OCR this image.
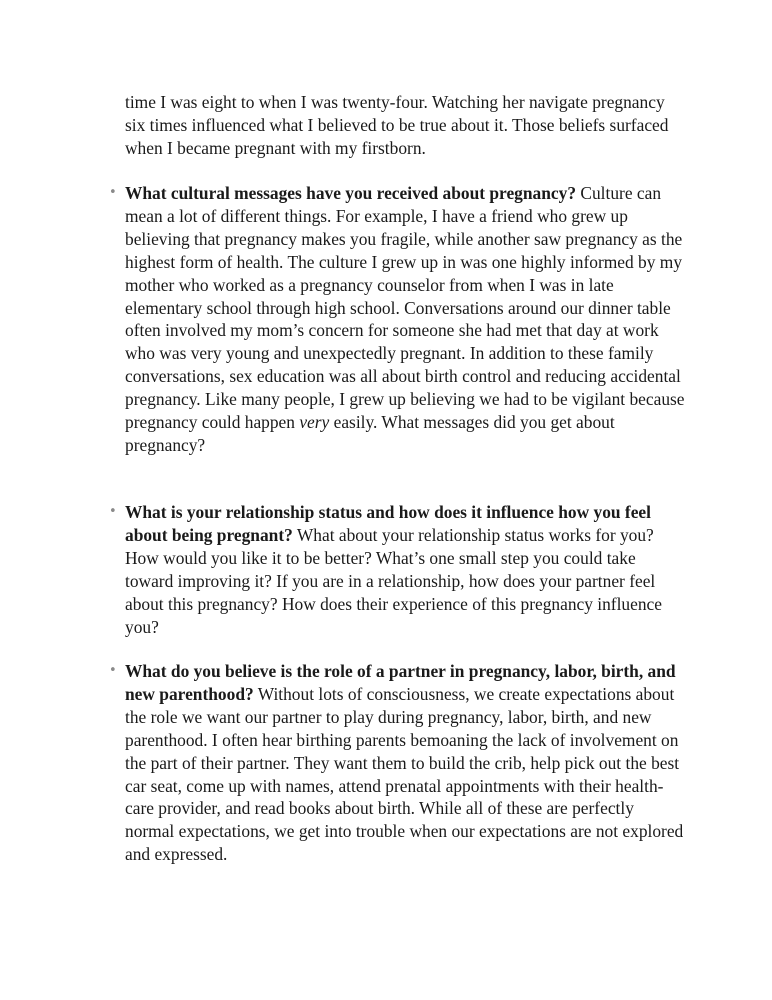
time I was eight to when I was twenty-four. Watching her navigate pregnancy six times influenced what I believed to be true about it. Those beliefs surfaced when I became pregnant with my firstborn.

• What cultural messages have you received about pregnancy? Culture can mean a lot of different things. For example, I have a friend who grew up believing that pregnancy makes you fragile, while another saw pregnancy as the highest form of health. The culture I grew up in was one highly informed by my mother who worked as a pregnancy counselor from when I was in late elementary school through high school. Conversations around our dinner table often involved my mom’s concern for someone she had met that day at work who was very young and unexpectedly pregnant. In addition to these family conversations, sex education was all about birth control and reducing accidental pregnancy. Like many people, I grew up believing we had to be vigilant because pregnancy could happen very easily. What messages did you get about pregnancy?
• What is your relationship status and how does it influence how you feel about being pregnant? What about your relationship status works for you? How would you like it to be better? What’s one small step you could take toward improving it? If you are in a relationship, how does your partner feel about this pregnancy? How does their experience of this pregnancy influence you?
• What do you believe is the role of a partner in pregnancy, labor, birth, and new parenthood? Without lots of consciousness, we create expectations about the role we want our partner to play during pregnancy, labor, birth, and new parenthood. I often hear birthing parents bemoaning the lack of involvement on the part of their partner. They want them to build the crib, help pick out the best car seat, come up with names, attend prenatal appointments with their health-care provider, and read books about birth. While all of these are perfectly normal expectations, we get into trouble when our expectations are not explored and expressed.
